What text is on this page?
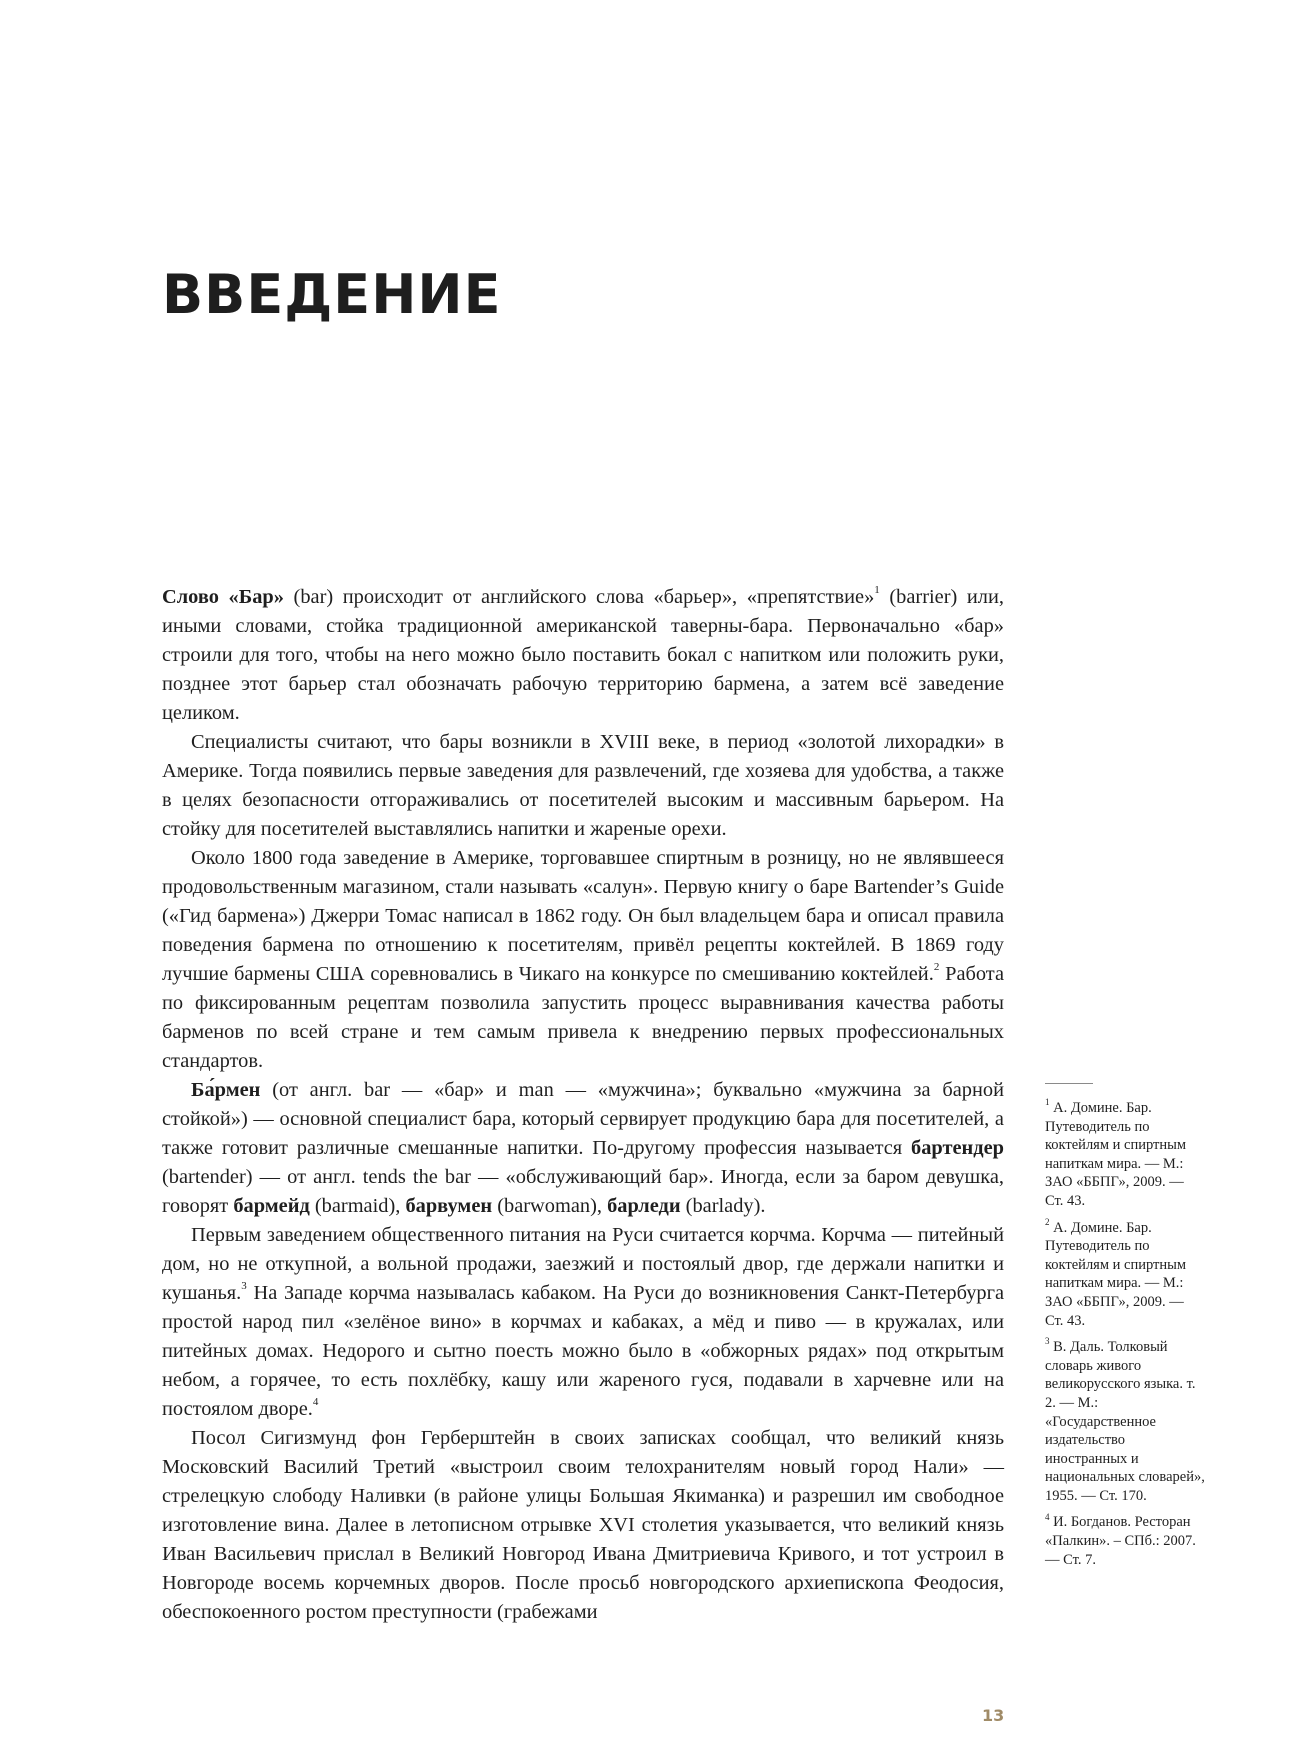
ВВЕДЕНИЕ

Слово «Бар» (bar) происходит от английского слова «барьер», «препятствие»$^1$ (barrier) или, иными словами, стойка традиционной американской таверны-бара. Первоначально «бар» строили для того, чтобы на него можно было поставить бокал с напитком или положить руки, позднее этот барьер стал обозначать рабочую территорию бармена, а затем всё заведение целиком.

Специалисты считают, что бары возникли в XVIII веке, в период «золотой лихорадки» в Америке. Тогда появились первые заведения для развлечений, где хозяева для удобства, а также в целях безопасности отгораживались от посетителей высоким и массивным барьером. На стойку для посетителей выставлялись напитки и жареные орехи.

Около 1800 года заведение в Америке, торговавшее спиртным в розницу, но не являвшееся продовольственным магазином, стали называть «салун». Первую книгу о баре Bartender’s Guide («Гид бармена») Джерри Томас написал в 1862 году. Он был владельцем бара и описал правила поведения бармена по отношению к посетителям, привёл рецепты коктейлей. В 1869 году лучшие бармены США соревновались в Чикаго на конкурсе по смешиванию коктейлей.$^2$ Работа по фиксированным рецептам позволила запустить процесс выравнивания качества работы барменов по всей стране и тем самым привела к внедрению первых профессиональных стандартов.

Ба́рмен (от англ. bar — «бар» и man — «мужчина»; буквально «мужчина за барной стойкой») — основной специалист бара, который сервирует продукцию бара для посетителей, а также готовит различные смешанные напитки. По-другому профессия называется бартендер (bartender) — от англ. tends the bar — «обслуживающий бар». Иногда, если за баром девушка, говорят бармейд (barmaid), барвумен (barwoman), барледи (barlady).

Первым заведением общественного питания на Руси считается корчма. Корчма — питейный дом, но не откупной, а вольной продажи, заезжий и постоялый двор, где держали напитки и кушанья.$^3$ На Западе корчма называлась кабаком. На Руси до возникновения Санкт-Петербурга простой народ пил «зелёное вино» в корчмах и кабаках, а мёд и пиво — в кружалах, или питейных домах. Недорого и сытно поесть можно было в «обжорных рядах» под открытым небом, а горячее, то есть похлёбку, кашу или жареного гуся, подавали в харчевне или на постоялом дворе.$^4$

Посол Сигизмунд фон Герберштейн в своих записках сообщал, что великий князь Московский Василий Третий «выстроил своим телохранителям новый город Нали» — стрелецкую слободу Наливки (в районе улицы Большая Якиманка) и разрешил им свободное изготовление вина. Далее в летописном отрывке XVI столетия указывается, что великий князь Иван Васильевич прислал в Великий Новгород Ивана Дмитриевича Кривого, и тот устроил в Новгороде восемь корчемных дворов. После просьб новгородского архиепископа Феодосия, обеспокоенного ростом преступности (грабежами

$^1$ А. Домине. Бар. Путеводитель по коктейлям и спиртным напиткам мира. — М.: ЗАО «ББПГ», 2009. — Ст. 43.
$^2$ А. Домине. Бар. Путеводитель по коктейлям и спиртным напиткам мира. — М.: ЗАО «ББПГ», 2009. — Ст. 43.
$^3$ В. Даль. Толковый словарь живого великорусского языка. т. 2. — М.: «Государственное издательство иностранных и национальных словарей», 1955. — Ст. 170.
$^4$ И. Богданов. Ресторан «Палкин». – СПб.: 2007. — Ст. 7.
13
